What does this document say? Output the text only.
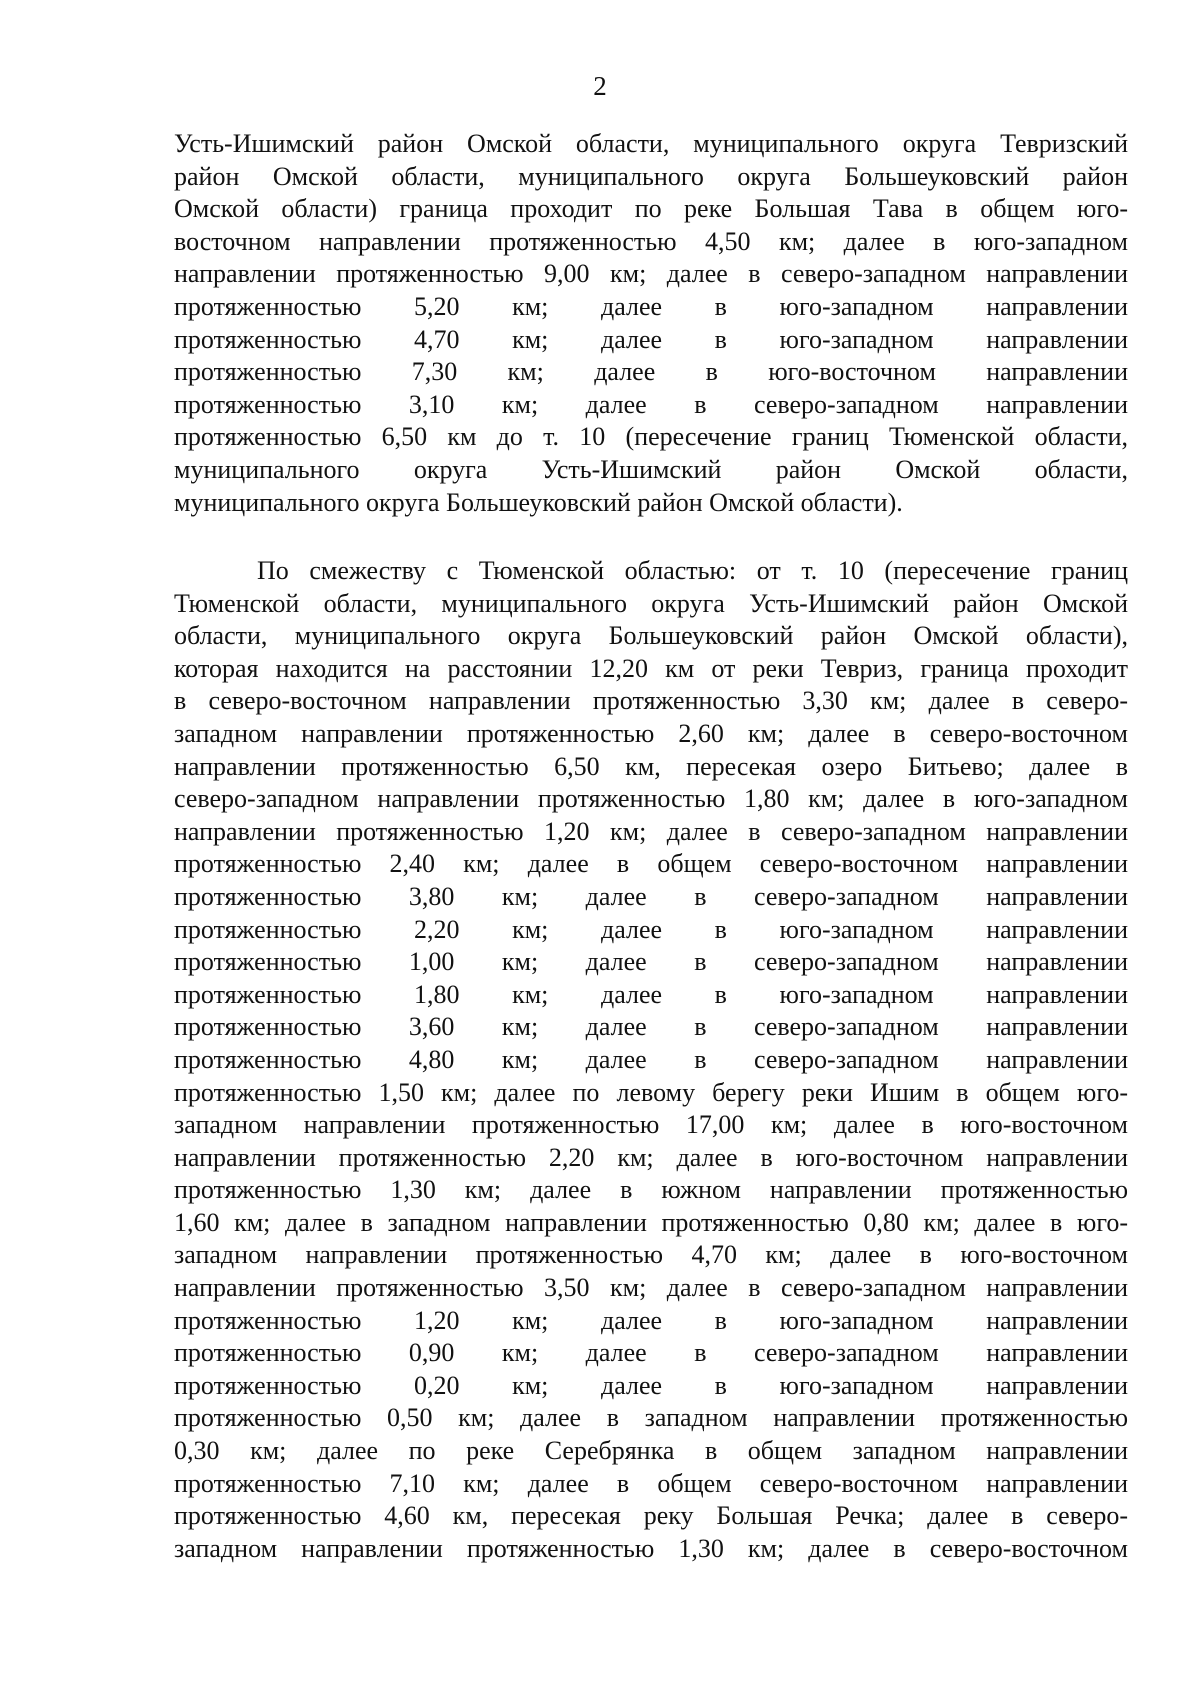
2
Усть-Ишимский район Омской области, муниципального округа Тевризский
район Омской области, муниципального округа Большеуковский район
Омской области) граница проходит по реке Большая Тава в общем юго-
восточном направлении протяженностью 4,50 км; далее в юго-западном
направлении протяженностью 9,00 км; далее в северо-западном направлении
протяженностью 5,20 км; далее в юго-западном направлении
протяженностью 4,70 км; далее в юго-западном направлении
протяженностью 7,30 км; далее в юго-восточном направлении
протяженностью 3,10 км; далее в северо-западном направлении
протяженностью 6,50 км до т. 10 (пересечение границ Тюменской области,
муниципального округа Усть-Ишимский район Омской области,
муниципального округа Большеуковский район Омской области).
По смежеству с Тюменской областью: от т. 10 (пересечение границ
Тюменской области, муниципального округа Усть-Ишимский район Омской
области, муниципального округа Большеуковский район Омской области),
которая находится на расстоянии 12,20 км от реки Тевриз, граница проходит
в северо-восточном направлении протяженностью 3,30 км; далее в северо-
западном направлении протяженностью 2,60 км; далее в северо-восточном
направлении протяженностью 6,50 км, пересекая озеро Битьево; далее в
северо-западном направлении протяженностью 1,80 км; далее в юго-западном
направлении протяженностью 1,20 км; далее в северо-западном направлении
протяженностью 2,40 км; далее в общем северо-восточном направлении
протяженностью 3,80 км; далее в северо-западном направлении
протяженностью 2,20 км; далее в юго-западном направлении
протяженностью 1,00 км; далее в северо-западном направлении
протяженностью 1,80 км; далее в юго-западном направлении
протяженностью 3,60 км; далее в северо-западном направлении
протяженностью 4,80 км; далее в северо-западном направлении
протяженностью 1,50 км; далее по левому берегу реки Ишим в общем юго-
западном направлении протяженностью 17,00 км; далее в юго-восточном
направлении протяженностью 2,20 км; далее в юго-восточном направлении
протяженностью 1,30 км; далее в южном направлении протяженностью
1,60 км; далее в западном направлении протяженностью 0,80 км; далее в юго-
западном направлении протяженностью 4,70 км; далее в юго-восточном
направлении протяженностью 3,50 км; далее в северо-западном направлении
протяженностью 1,20 км; далее в юго-западном направлении
протяженностью 0,90 км; далее в северо-западном направлении
протяженностью 0,20 км; далее в юго-западном направлении
протяженностью 0,50 км; далее в западном направлении протяженностью
0,30 км; далее по реке Серебрянка в общем западном направлении
протяженностью 7,10 км; далее в общем северо-восточном направлении
протяженностью 4,60 км, пересекая реку Большая Речка; далее в северо-
западном направлении протяженностью 1,30 км; далее в северо-восточном
